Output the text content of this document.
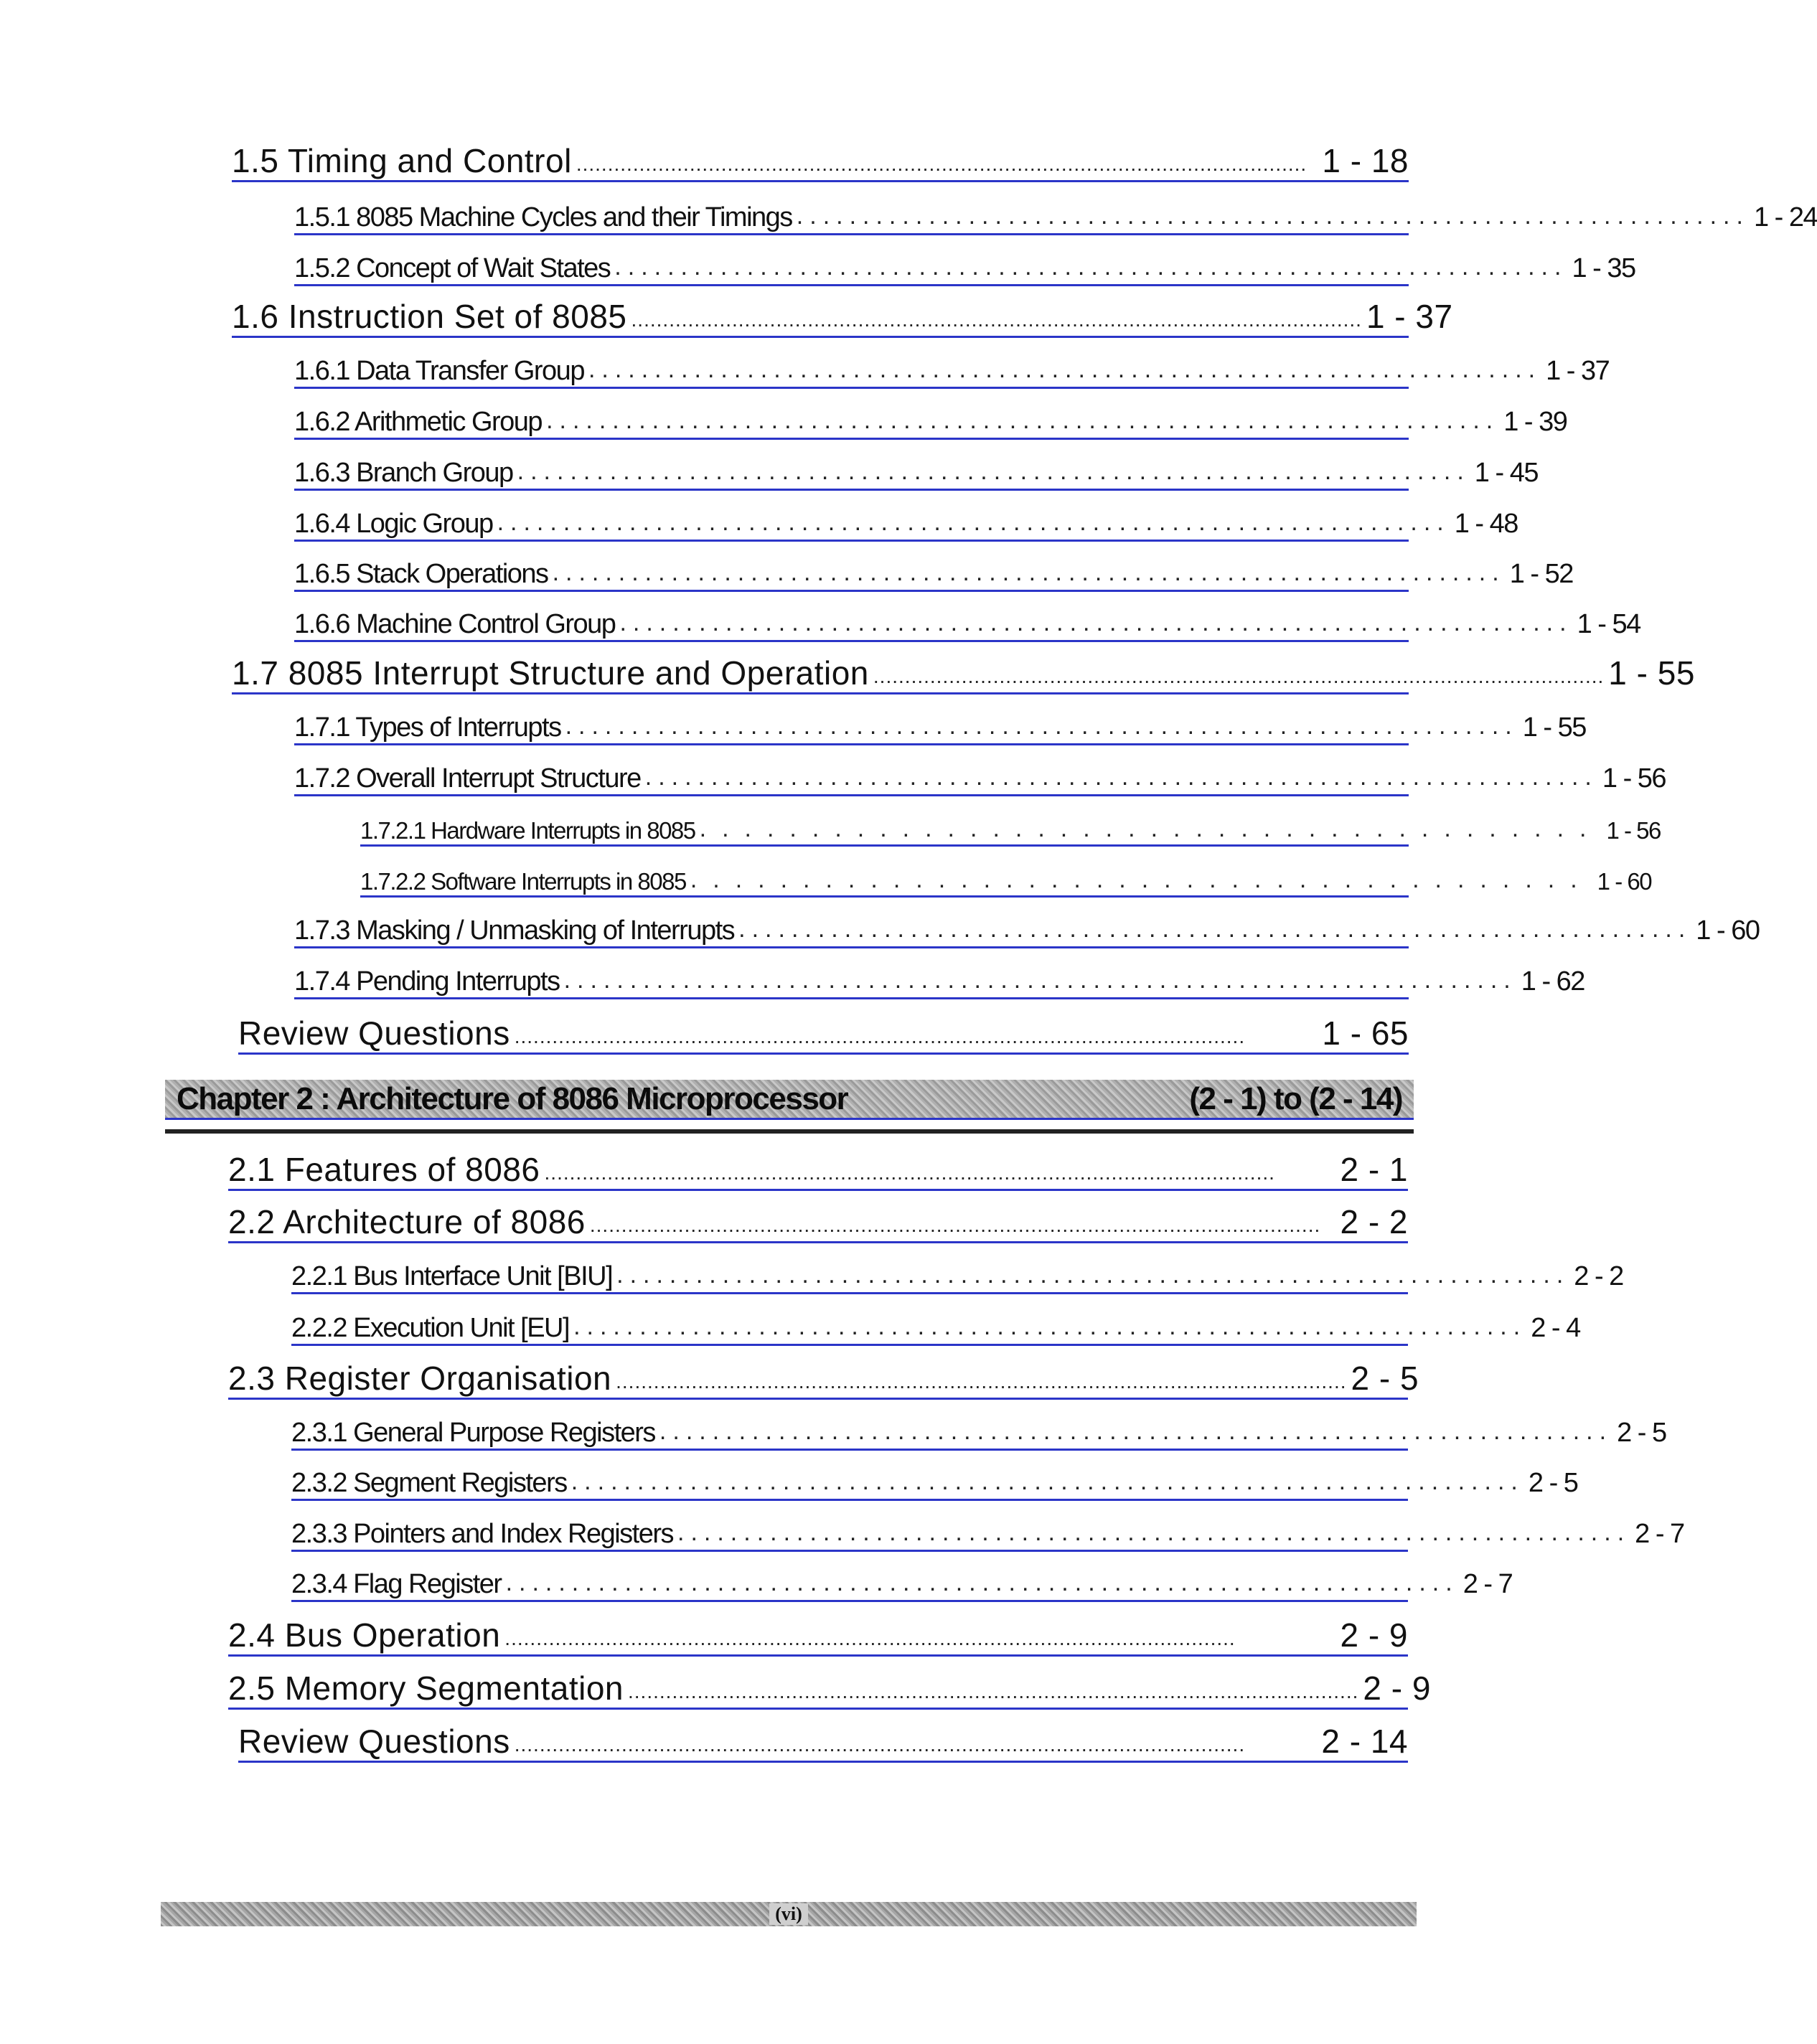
1.5 Timing and Control .................................................................................................................... 1 - 18
1.5.1 8085 Machine Cycles and their Timings ........................................................................ 1 - 24
1.5.2 Concept of Wait States ........................................................................ 1 - 35
1.6 Instruction Set of 8085 .................................................................................................................... 1 - 37
1.6.1 Data Transfer Group ........................................................................ 1 - 37
1.6.2 Arithmetic Group ........................................................................ 1 - 39
1.6.3 Branch Group ........................................................................ 1 - 45
1.6.4 Logic Group ........................................................................ 1 - 48
1.6.5 Stack Operations ........................................................................ 1 - 52
1.6.6 Machine Control Group ........................................................................ 1 - 54
1.7 8085 Interrupt Structure and Operation .................................................................................................................... 1 - 55
1.7.1 Types of Interrupts ........................................................................ 1 - 55
1.7.2 Overall Interrupt Structure ........................................................................ 1 - 56
1.7.2.1 Hardware Interrupts in 8085 ........................................ 1 - 56
1.7.2.2 Software Interrupts in 8085 ........................................ 1 - 60
1.7.3 Masking / Unmasking of Interrupts ........................................................................ 1 - 60
1.7.4 Pending Interrupts ........................................................................ 1 - 62
Review Questions ....................................................................................................................	1 - 65
Chapter 2 : Architecture of 8086 Microprocessor	(2 - 1) to (2 - 14)
2.1 Features of 8086 ....................................................................................................................	2 - 1
2.2 Architecture of 8086 .................................................................................................................... 2 - 2
2.2.1 Bus Interface Unit [BIU] ........................................................................ 2 - 2
2.2.2 Execution Unit [EU] ........................................................................ 2 - 4
2.3 Register Organisation .................................................................................................................... 2 - 5
2.3.1 General Purpose Registers ........................................................................ 2 - 5
2.3.2 Segment Registers ........................................................................ 2 - 5
2.3.3 Pointers and Index Registers ........................................................................ 2 - 7
2.3.4 Flag Register ........................................................................ 2 - 7
2.4 Bus Operation ....................................................................................................................	2 - 9
2.5 Memory Segmentation .................................................................................................................... 2 - 9
Review Questions ....................................................................................................................	2 - 14
(vi)
